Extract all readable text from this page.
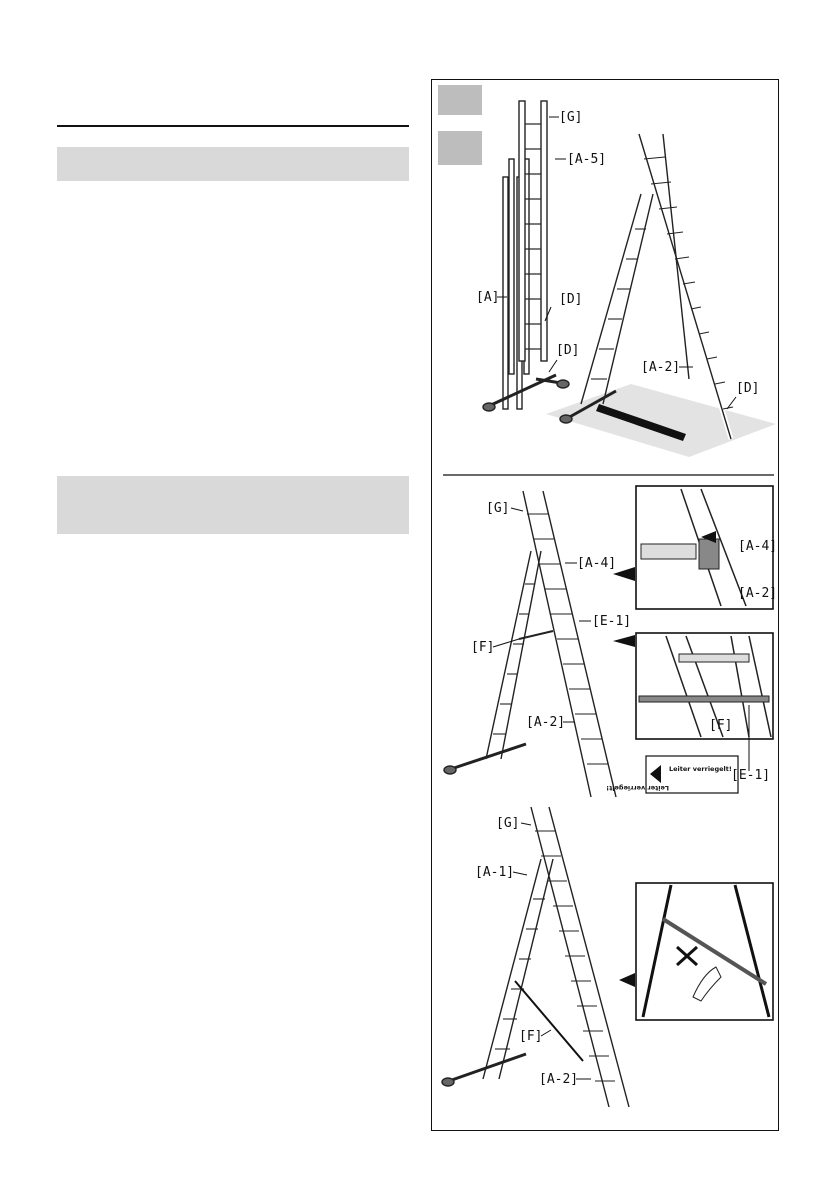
[G]
[A-5]
[A]	[D]
[D]
[A-2]
[D]
[G]
[A-4]
[E-1]
[F]
[A-2]
[A-4]
[A-2]
[F]
Leiter verriegelt!
Leiter verriegelt!
[E-1]
[G]
[A-1]
[F]
[A-2]
